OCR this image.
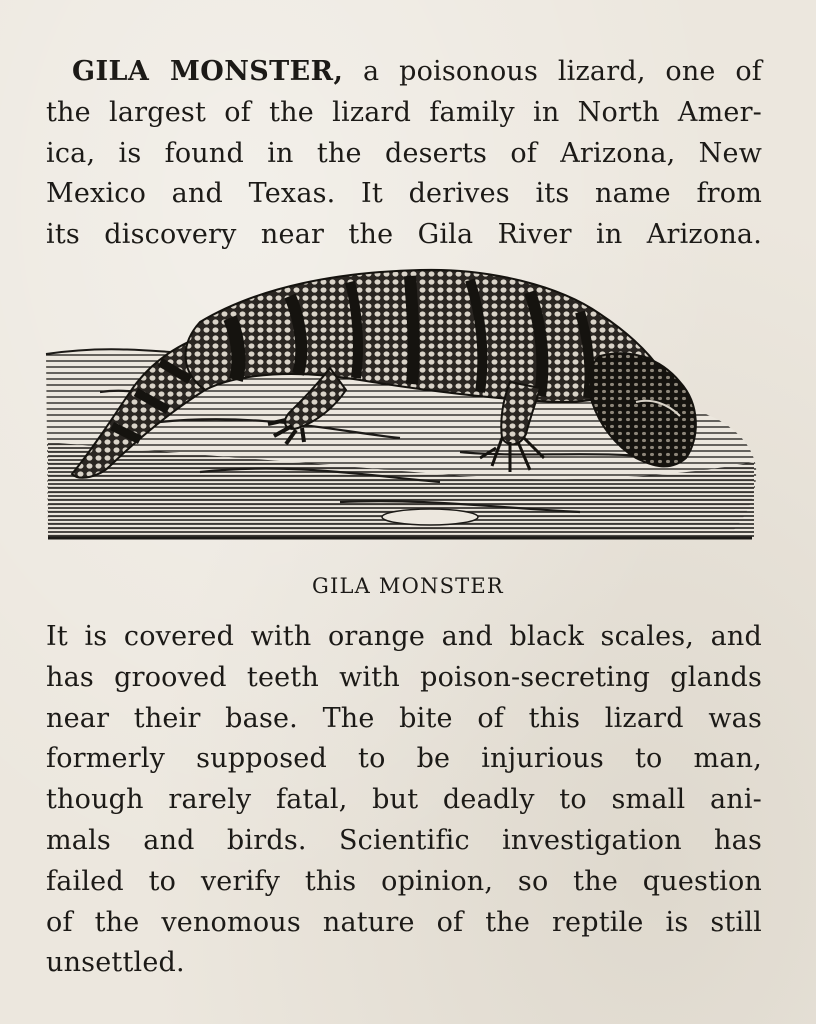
GILA MONSTER, a poisonous lizard, one of
the largest of the lizard family in North Amer-
ica, is found in the deserts of Arizona, New
Mexico and Texas. It derives its name from
its discovery near the Gila River in Arizona.
GILA MONSTER
It is covered with orange and black scales, and
has grooved teeth with poison-secreting glands
near their base. The bite of this lizard was
formerly supposed to be injurious to man,
though rarely fatal, but deadly to small ani-
mals and birds. Scientific investigation has
failed to verify this opinion, so the question
of the venomous nature of the reptile is still
unsettled.
